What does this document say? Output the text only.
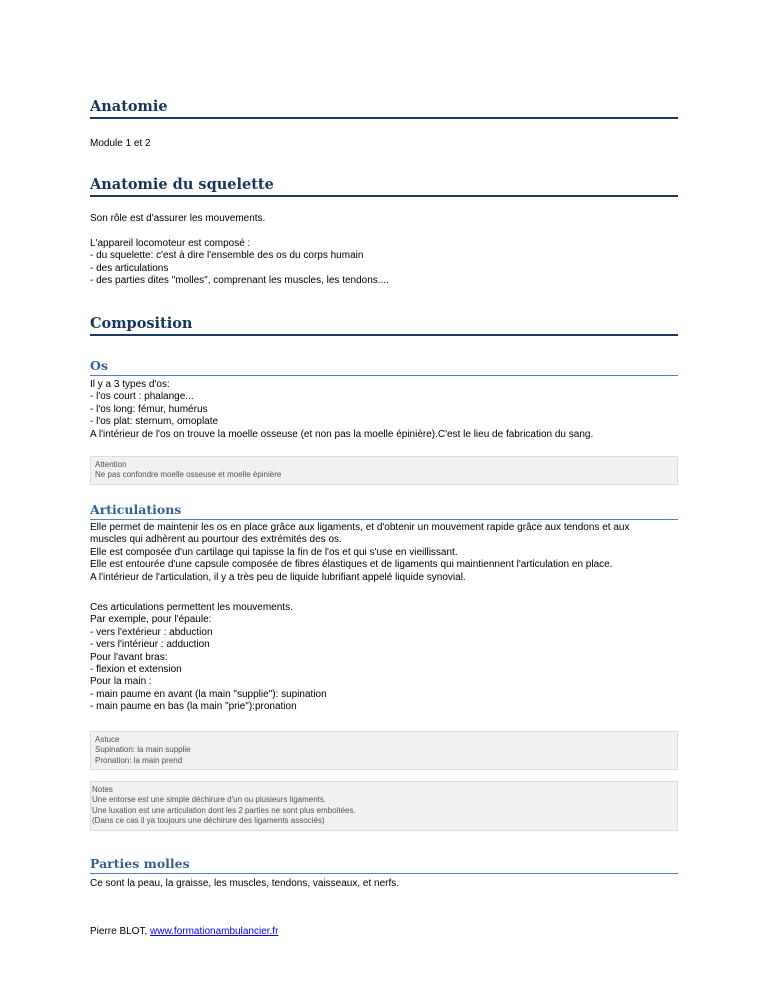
Anatomie

Module 1 et 2

Anatomie du squelette

Son rôle est d'assurer les mouvements.

L'appareil locomoteur est composé :
- du squelette: c'est à dire l'ensemble des os du corps humain
- des articulations
- des parties dites "molles", comprenant les muscles, les tendons....
Composition
Os
Il y a 3 types d'os:
- l'os court : phalange...
- l'os long: fémur, humérus
- l'os plat: sternum, omoplate
A l'intérieur de l'os on trouve la moelle osseuse (et non pas la moelle épinière).C'est le lieu de fabrication du sang.
Attention
Ne pas confondre moelle osseuse et moelle épinière
Articulations
Elle permet de maintenir les os en place grâce aux ligaments, et d'obtenir un mouvement rapide grâce aux tendons et aux
muscles qui adhèrent au pourtour des extrémités des os.
Elle est composée d'un cartilage qui tapisse la fin de l'os et qui s'use en vieillissant.
Elle est entourée d'une capsule composée de fibres élastiques et de ligaments qui maintiennent l'articulation en place.
A l'intérieur de l'articulation, il y a très peu de liquide lubrifiant appelé liquide synovial.
Ces articulations permettent les mouvements.
Par exemple, pour l'épaule:
- vers l'extérieur : abduction
- vers l'intérieur : adduction
Pour l'avant bras:
- flexion et extension
Pour la main :
- main paume en avant (la main "supplie"): supination
- main paume en bas (la main "prie"):pronation
Astuce
Supination: la main supplie
Pronation: la main prend
Notes
Une entorse est une simple déchirure d'un ou plusieurs ligaments.
Une luxation est une articulation dont les 2 parties ne sont plus emboitées.
(Dans ce cas il ya toujours une déchirure des ligaments associés)
Parties molles

Ce sont la peau, la graisse, les muscles, tendons, vaisseaux, et nerfs.

Pierre BLOT, www.formationambulancier.fr
